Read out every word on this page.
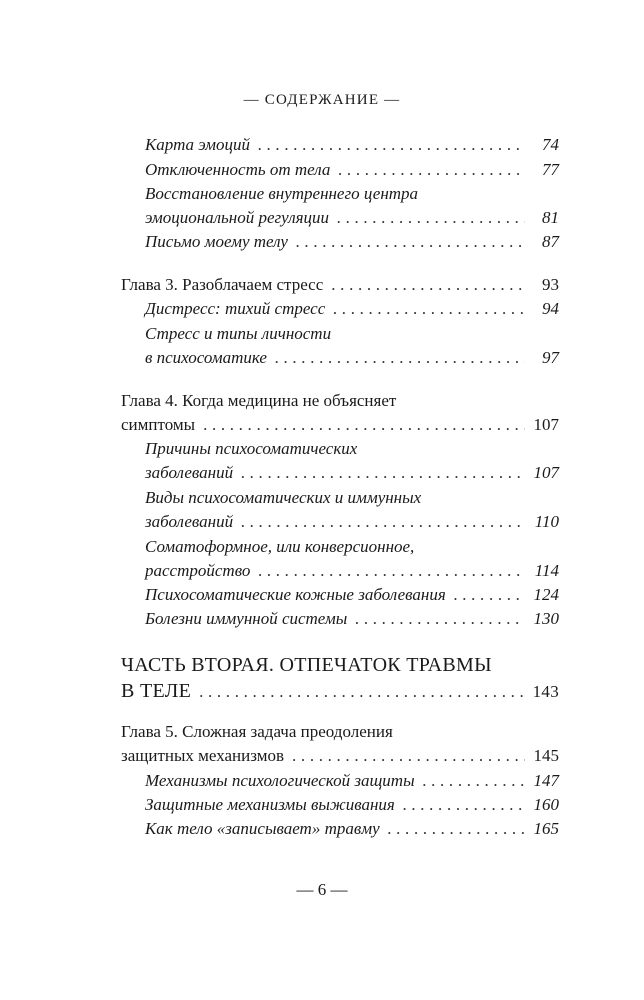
— СОДЕРЖАНИЕ —
Карта эмоций . . .	74
Отключенность от тела . . .	77
Восстановление внутреннего центра
эмоциональной регуляции . . .	81
Письмо моему телу . . .	87
Глава 3. Разоблачаем стресс . . .	93
Дистресс: тихий стресс . . .	94
Стресс и типы личности
в психосоматике . . .	97
Глава 4. Когда медицина не объясняет
симптомы . . .	107
Причины психосоматических
заболеваний . . .	107
Виды психосоматических и иммунных
заболеваний . . .	110
Соматоформное, или конверсионное,
расстройство . . .	114
Психосоматические кожные заболевания . . .	124
Болезни иммунной системы . . .	130
ЧАСТЬ ВТОРАЯ. ОТПЕЧАТОК ТРАВМЫ
В ТЕЛЕ . . .	143
Глава 5. Сложная задача преодоления
защитных механизмов . . .	145
Механизмы психологической защиты . . .	147
Защитные механизмы выживания . . .	160
Как тело «записывает» травму . . .	165
— 6 —
